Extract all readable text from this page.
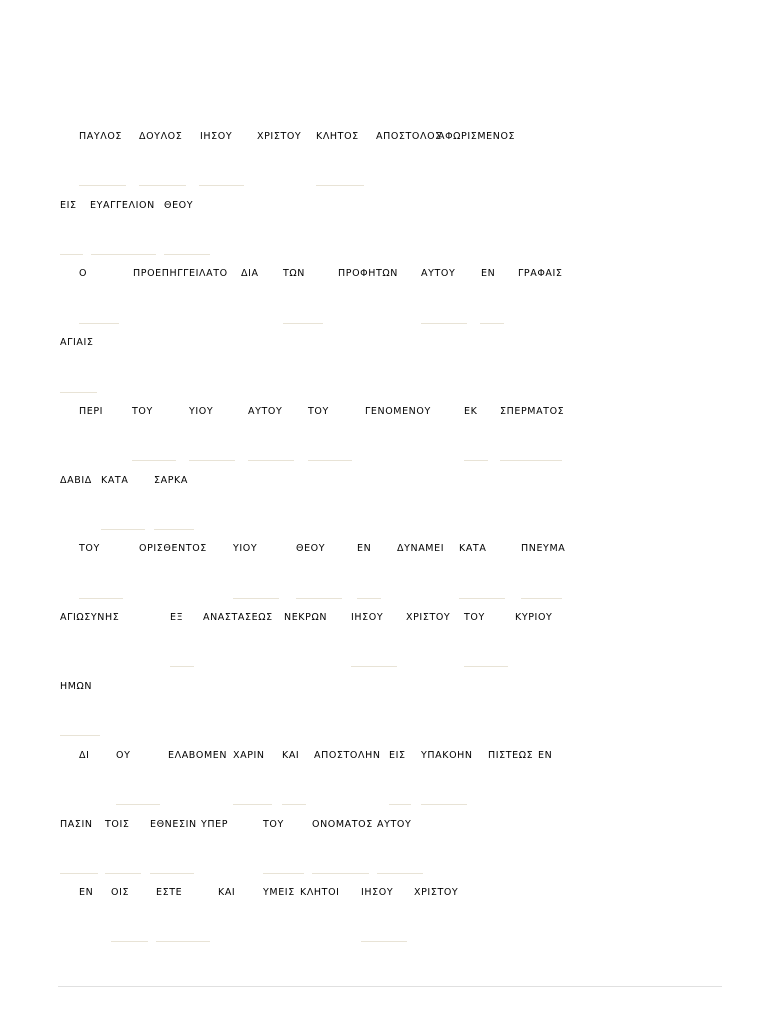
ΠΑΥΛΟΣ ΔΟΥΛΟΣ ΙΗΣΟΥ	ΧΡΙΣΤΟΥ ΚΛΗΤΟΣ ΑΠΟΣΤΟΛΟΣ
ΑΦΩΡΙΣΜΕΝΟΣ
ΕΙΣ ΕΥΑΓΓΕΛΙΟΝ ΘΕΟΥ
Ο	ΠΡΟΕΠΗΓΓΕΙΛΑΤΟ ΔΙΑ	ΤΩΝ	ΠΡΟΦΗΤΩΝ ΑΥΤΟΥ	ΕΝ ΓΡΑΦΑΙΣ
ΑΓΙΑΙΣ
ΠΕΡΙ	ΤΟΥ	ΥΙΟΥ	ΑΥΤΟΥ	ΤΟΥ	ΓΕΝΟΜΕΝΟΥ	ΕΚ ΣΠΕΡΜΑΤΟΣ
ΔΑΒΙΔ ΚΑΤΑ	ΣΑΡΚΑ
ΤΟΥ	ΟΡΙΣΘΕΝΤΟΣ	ΥΙΟΥ	ΘΕΟΥ	ΕΝ	ΔΥΝΑΜΕΙ ΚΑΤΑ	ΠΝΕΥΜΑ
ΑΓΙΩΣΥΝΗΣ	ΕΞ ΑΝΑΣΤΑΣΕΩΣ ΝΕΚΡΩΝ	ΙΗΣΟΥ ΧΡΙΣΤΟΥ ΤΟΥ	ΚΥΡΙΟΥ
ΗΜΩΝ
ΔΙ	ΟΥ	ΕΛΑΒΟΜΕΝ ΧΑΡΙΝ ΚΑΙ ΑΠΟΣΤΟΛΗΝ ΕΙΣ ΥΠΑΚΟΗΝ ΠΙΣΤΕΩΣ ΕΝ
ΠΑΣΙΝ ΤΟΙΣ ΕΘΝΕΣΙΝ ΥΠΕΡ	ΤΟΥ	ΟΝΟΜΑΤΟΣ ΑΥΤΟΥ
ΕΝ ΟΙΣ	ΕΣΤΕ	ΚΑΙ	ΥΜΕΙΣ ΚΛΗΤΟΙ ΙΗΣΟΥ ΧΡΙΣΤΟΥ
